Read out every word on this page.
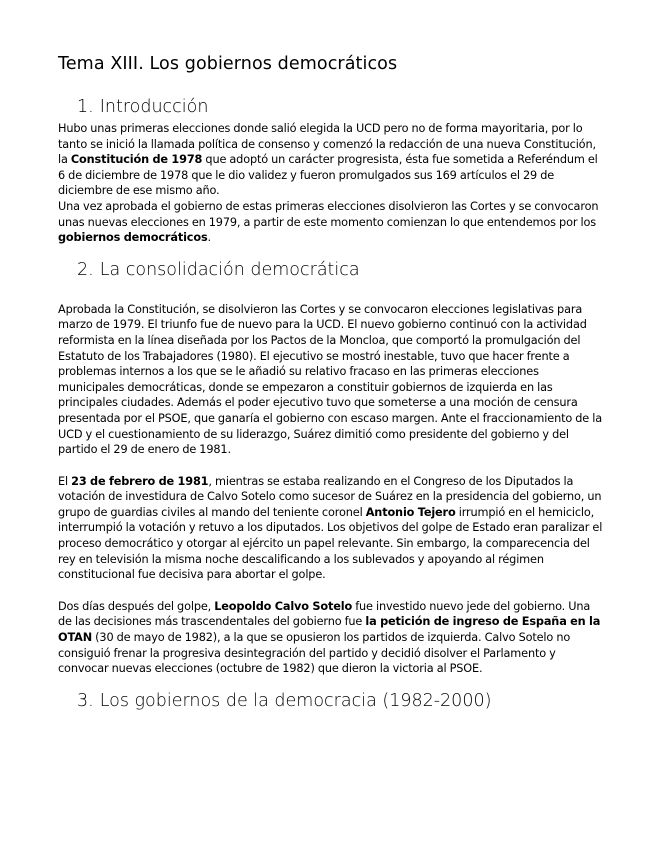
Tema XIII. Los gobiernos democráticos
1. Introducción

Hubo unas primeras elecciones donde salió elegida la UCD pero no de forma mayoritaria, por lo tanto se inició la llamada política de consenso y comenzó la redacción de una nueva Constitución, la Constitución de 1978 que adoptó un carácter progresista, ésta fue sometida a Referéndum el 6 de diciembre de 1978 que le dio validez y fueron promulgados sus 169 artículos el 29 de diciembre de ese mismo año.
Una vez aprobada el gobierno de estas primeras elecciones disolvieron las Cortes y se convocaron unas nuevas elecciones en 1979, a partir de este momento comienzan lo que entendemos por los gobiernos democráticos.

2. La consolidación democrática

Aprobada la Constitución, se disolvieron las Cortes y se convocaron elecciones legislativas para marzo de 1979. El triunfo fue de nuevo para la UCD. El nuevo gobierno continuó con la actividad reformista en la línea diseñada por los Pactos de la Moncloa, que comportó la promulgación del Estatuto de los Trabajadores (1980). El ejecutivo se mostró inestable, tuvo que hacer frente a problemas internos a los que se le añadió su relativo fracaso en las primeras elecciones municipales democráticas, donde se empezaron a constituir gobiernos de izquierda en las principales ciudades. Además el poder ejecutivo tuvo que someterse a una moción de censura presentada por el PSOE, que ganaría el gobierno con escaso margen. Ante el fraccionamiento de la UCD y el cuestionamiento de su liderazgo, Suárez dimitió como presidente del gobierno y del partido el 29 de enero de 1981.

El 23 de febrero de 1981, mientras se estaba realizando en el Congreso de los Diputados la votación de investidura de Calvo Sotelo como sucesor de Suárez en la presidencia del gobierno, un grupo de guardias civiles al mando del teniente coronel Antonio Tejero irrumpió en el hemiciclo, interrumpió la votación y retuvo a los diputados. Los objetivos del golpe de Estado eran paralizar el proceso democrático y otorgar al ejército un papel relevante. Sin embargo, la comparecencia del rey en televisión la misma noche descalificando a los sublevados y apoyando al régimen constitucional fue decisiva para abortar el golpe.

Dos días después del golpe, Leopoldo Calvo Sotelo fue investido nuevo jede del gobierno. Una de las decisiones más trascendentales del gobierno fue la petición de ingreso de España en la OTAN (30 de mayo de 1982), a la que se opusieron los partidos de izquierda. Calvo Sotelo no consiguió frenar la progresiva desintegración del partido y decidió disolver el Parlamento y convocar nuevas elecciones (octubre de 1982) que dieron la victoria al PSOE.

3. Los gobiernos de la democracia (1982-2000)
